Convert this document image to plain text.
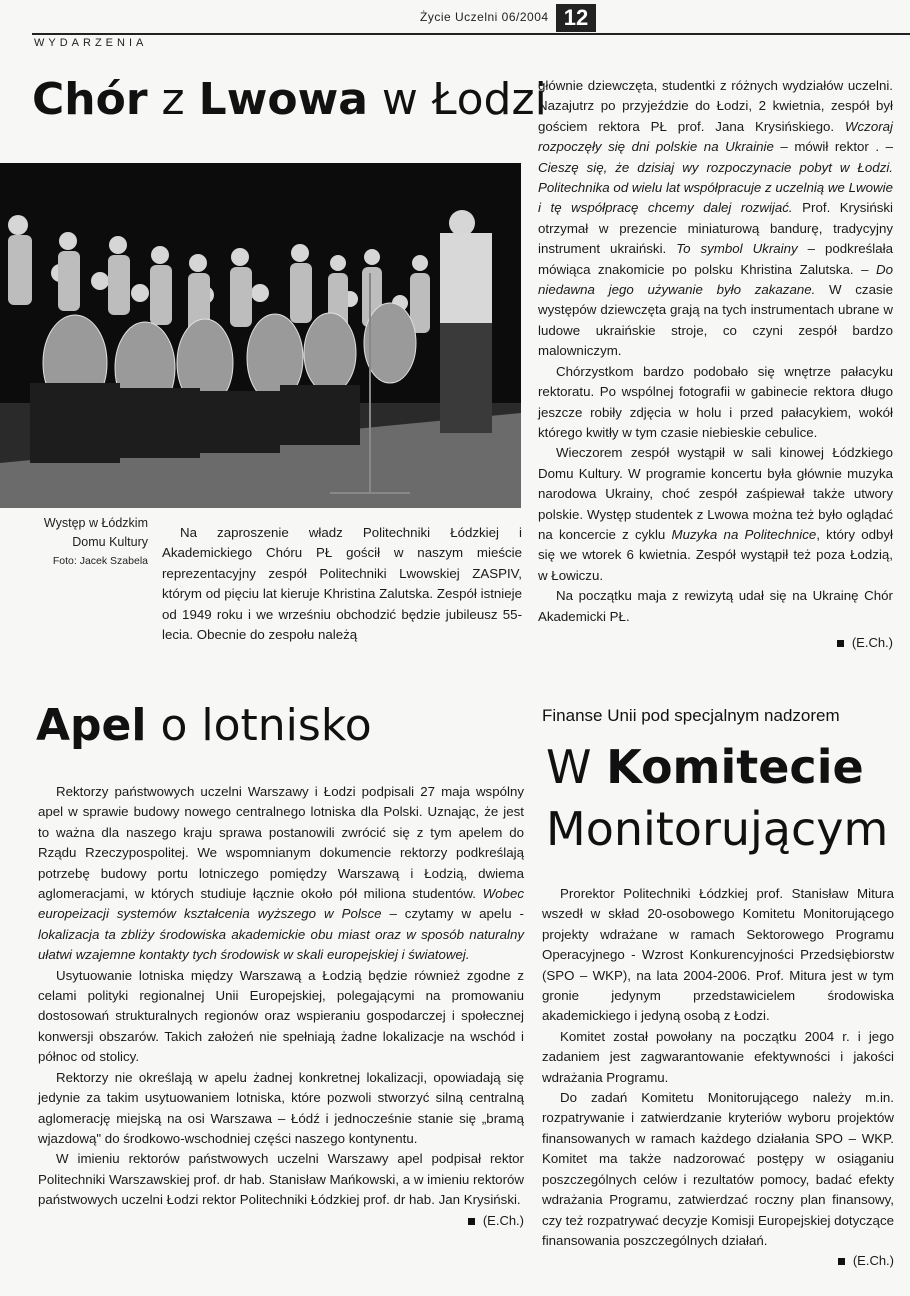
Życie Uczelni 06/2004 12
WYDARZENIA
Chór z Lwowa w Łodzi
Występ w Łódzkim
Domu Kultury
Foto: Jacek Szabela

Na zaproszenie władz Politechniki Łódzkiej i Akademickiego Chóru PŁ gościł w naszym mieście reprezentacyjny zespół Politechniki Lwowskiej ZASPIV, którym od pięciu lat kieruje Khristina Zalutska. Zespół istnieje od 1949 roku i we wrześniu obchodzić będzie jubileusz 55-lecia. Obecnie do zespołu należą

głównie dziewczęta, studentki z różnych wydziałów uczelni. Nazajutrz po przyjeździe do Łodzi, 2 kwietnia, zespół był gościem rektora PŁ prof. Jana Krysińskiego. Wczoraj rozpoczęły się dni polskie na Ukrainie – mówił rektor . – Cieszę się, że dzisiaj wy rozpoczynacie pobyt w Łodzi. Politechnika od wielu lat współpracuje z uczelnią we Lwowie i tę współpracę chcemy dalej rozwijać. Prof. Krysiński otrzymał w prezencie miniaturową bandurę, tradycyjny instrument ukraiński. To symbol Ukrainy – podkreślała mówiąca znakomicie po polsku Khristina Zalutska. – Do niedawna jego używanie było zakazane. W czasie występów dziewczęta grają na tych instrumentach ubrane w ludowe ukraińskie stroje, co czyni zespół bardzo malowniczym.

Chórzystkom bardzo podobało się wnętrze pałacyku rektoratu. Po wspólnej fotografii w gabinecie rektora długo jeszcze robiły zdjęcia w holu i przed pałacykiem, wokół którego kwitły w tym czasie niebieskie cebulice.

Wieczorem zespół wystąpił w sali kinowej Łódzkiego Domu Kultury. W programie koncertu była głównie muzyka narodowa Ukrainy, choć zespół zaśpiewał także utwory polskie. Występ studentek z Lwowa można też było oglądać na koncercie z cyklu Muzyka na Politechnice, który odbył się we wtorek 6 kwietnia. Zespół wystąpił też poza Łodzią, w Łowiczu.

Na początku maja z rewizytą udał się na Ukrainę Chór Akademicki PŁ.

(E.Ch.)
Apel o lotnisko

Rektorzy państwowych uczelni Warszawy i Łodzi podpisali 27 maja wspólny apel w sprawie budowy nowego centralnego lotniska dla Polski. Uznając, że jest to ważna dla naszego kraju sprawa postanowili zwrócić się z tym apelem do Rządu Rzeczypospolitej. We wspomnianym dokumencie rektorzy podkreślają potrzebę budowy portu lotniczego pomiędzy Warszawą i Łodzią, dwiema aglomeracjami, w których studiuje łącznie około pół miliona studentów. Wobec europeizacji systemów kształcenia wyższego w Polsce – czytamy w apelu - lokalizacja ta zbliży środowiska akademickie obu miast oraz w sposób naturalny ułatwi wzajemne kontakty tych środowisk w skali europejskiej i światowej.

Usytuowanie lotniska między Warszawą a Łodzią będzie również zgodne z celami polityki regionalnej Unii Europejskiej, polegającymi na promowaniu dostosowań strukturalnych regionów oraz wspieraniu gospodarczej i społecznej konwersji obszarów. Takich założeń nie spełniają żadne lokalizacje na wschód i północ od stolicy.

Rektorzy nie określają w apelu żadnej konkretnej lokalizacji, opowiadają się jedynie za takim usytuowaniem lotniska, które pozwoli stworzyć silną centralną aglomerację miejską na osi Warszawa – Łódź i jednocześnie stanie się „bramą wjazdową" do środkowo-wschodniej części naszego kontynentu.

W imieniu rektorów państwowych uczelni Warszawy apel podpisał rektor Politechniki Warszawskiej prof. dr hab. Stanisław Mańkowski, a w imieniu rektorów państwowych uczelni Łodzi rektor Politechniki Łódzkiej prof. dr hab. Jan Krysiński.

(E.Ch.)
Finanse Unii pod specjalnym nadzorem
W Komitecie
Monitorującym

Prorektor Politechniki Łódzkiej prof. Stanisław Mitura wszedł w skład 20-osobowego Komitetu Monitorującego projekty wdrażane w ramach Sektorowego Programu Operacyjnego - Wzrost Konkurencyjności Przedsiębiorstw (SPO – WKP), na lata 2004-2006. Prof. Mitura jest w tym gronie jedynym przedstawicielem środowiska akademickiego i jedyną osobą z Łodzi.

Komitet został powołany na początku 2004 r. i jego zadaniem jest zagwarantowanie efektywności i jakości wdrażania Programu.

Do zadań Komitetu Monitorującego należy m.in. rozpatrywanie i zatwierdzanie kryteriów wyboru projektów finansowanych w ramach każdego działania SPO – WKP. Komitet ma także nadzorować postępy w osiąganiu poszczególnych celów i rezultatów pomocy, badać efekty wdrażania Programu, zatwierdzać roczny plan finansowy, czy też rozpatrywać decyzje Komisji Europejskiej dotyczące finansowania poszczególnych działań.

(E.Ch.)
